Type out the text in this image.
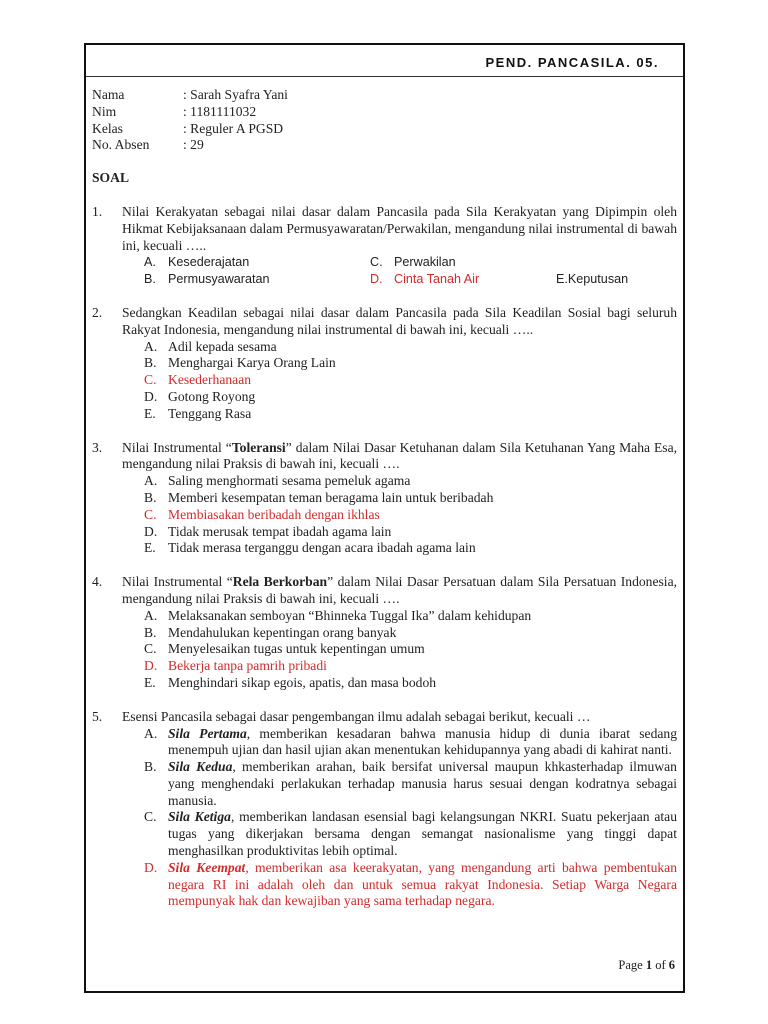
PEND. PANCASILA. 05.
Nama	: Sarah Syafra Yani
Nim	: 1181111032
Kelas	: Reguler A PGSD
No. Absen	: 29
SOAL
1.	Nilai Kerakyatan sebagai nilai dasar dalam Pancasila pada Sila Kerakyatan yang Dipimpin oleh Hikmat Kebijaksanaan dalam Permusyawaratan/Perwakilan, mengandung nilai instrumental di bawah ini, kecuali …..
A. Kesederajatan	C. Perwakilan
B. Permusyawaratan	D. Cinta Tanah Air	E.Keputusan
2.	Sedangkan Keadilan sebagai nilai dasar dalam Pancasila pada Sila Keadilan Sosial bagi seluruh Rakyat Indonesia, mengandung nilai instrumental di bawah ini, kecuali …..
A. Adil kepada sesama
B. Menghargai Karya Orang Lain
C. Kesederhanaan
D. Gotong Royong
E. Tenggang Rasa
3.	Nilai Instrumental “Toleransi” dalam Nilai Dasar Ketuhanan dalam Sila Ketuhanan Yang Maha Esa, mengandung nilai Praksis di bawah ini, kecuali ….
A. Saling menghormati sesama pemeluk agama
B. Memberi kesempatan teman beragama lain untuk beribadah
C. Membiasakan beribadah dengan ikhlas
D. Tidak merusak tempat ibadah agama lain
E. Tidak merasa terganggu dengan acara ibadah agama lain
4.	Nilai Instrumental “Rela Berkorban” dalam Nilai Dasar Persatuan dalam Sila Persatuan Indonesia, mengandung nilai Praksis di bawah ini, kecuali ….
A. Melaksanakan semboyan “Bhinneka Tuggal Ika” dalam kehidupan
B. Mendahulukan kepentingan orang banyak
C. Menyelesaikan tugas untuk kepentingan umum
D. Bekerja tanpa pamrih pribadi
E. Menghindari sikap egois, apatis, dan masa bodoh
5.	Esensi Pancasila sebagai dasar pengembangan ilmu adalah sebagai berikut, kecuali …
A. Sila Pertama, memberikan kesadaran bahwa manusia hidup di dunia ibarat sedang menempuh ujian dan hasil ujian akan menentukan kehidupannya yang abadi di kahirat nanti.
B. Sila Kedua, memberikan arahan, baik bersifat universal maupun khkasterhadap ilmuwan yang menghendaki perlakukan terhadap manusia harus sesuai dengan kodratnya sebagai manusia.
C. Sila Ketiga, memberikan landasan esensial bagi kelangsungan NKRI. Suatu pekerjaan atau tugas yang dikerjakan bersama dengan semangat nasionalisme yang tinggi dapat menghasilkan produktivitas lebih optimal.
D. Sila Keempat, memberikan asa keerakyatan, yang mengandung arti bahwa pembentukan negara RI ini adalah oleh dan untuk semua rakyat Indonesia. Setiap Warga Negara mempunyak hak dan kewajiban yang sama terhadap negara.
Page 1 of 6
